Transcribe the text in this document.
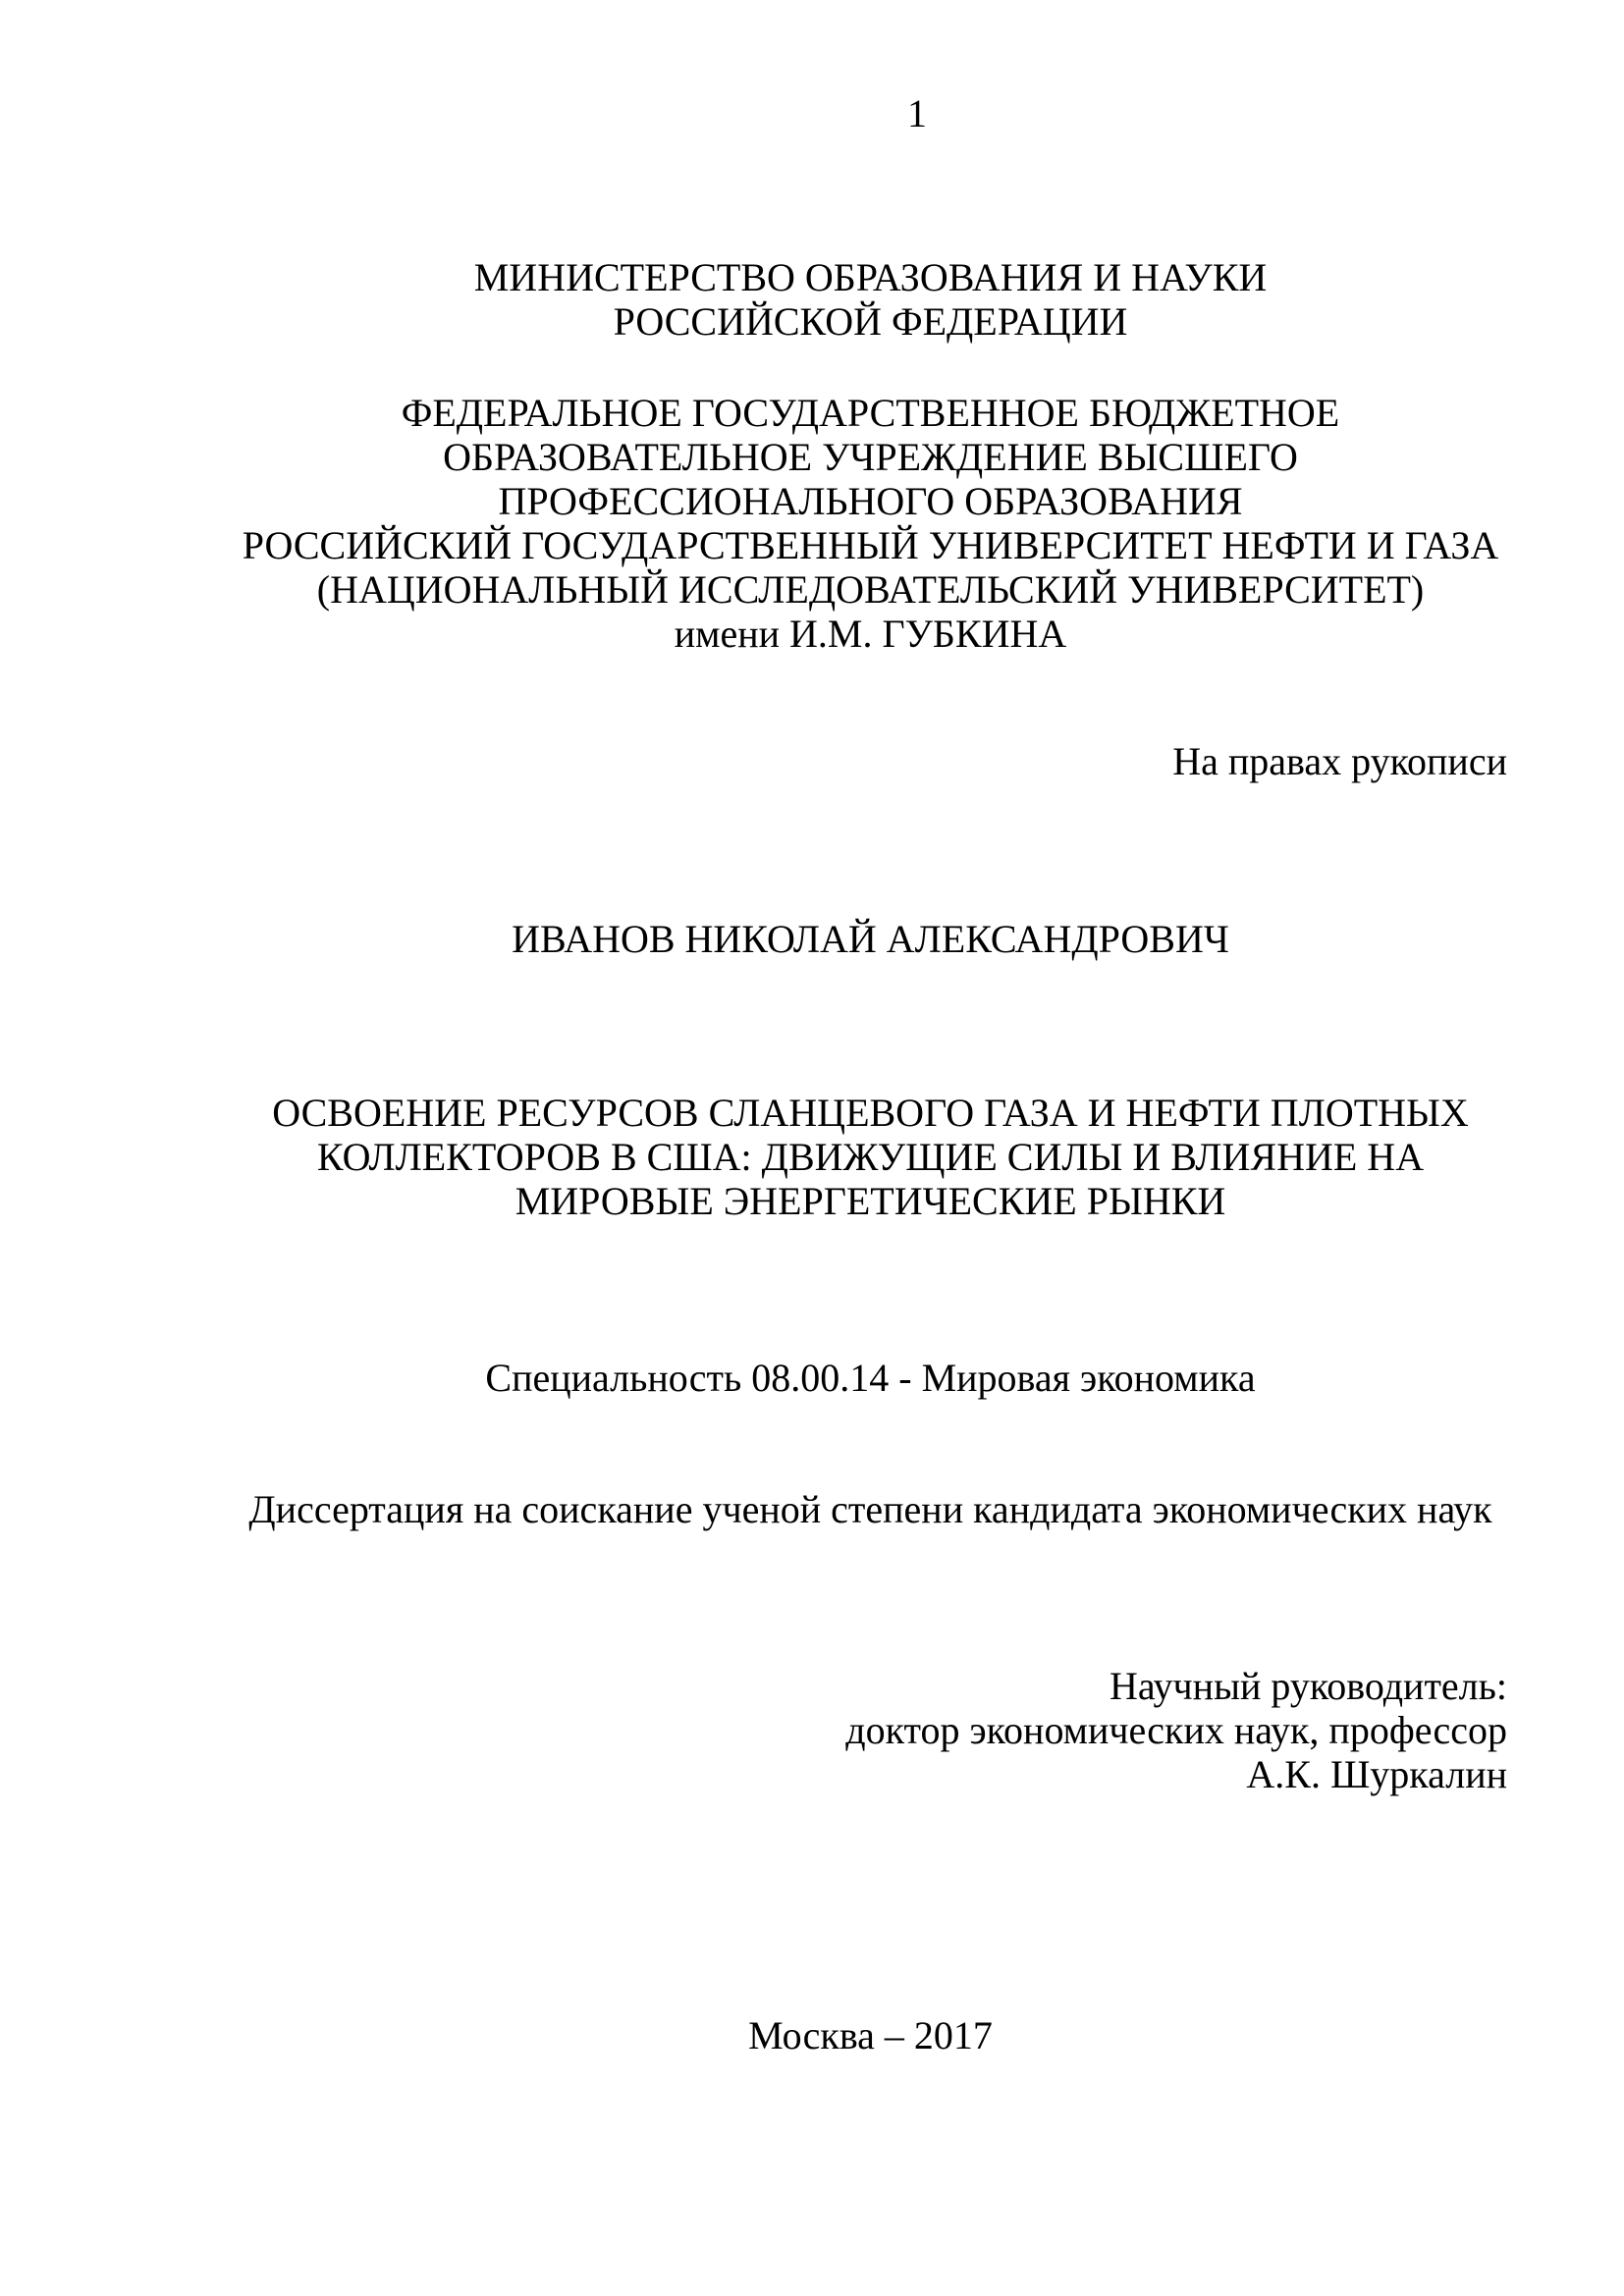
1
МИНИСТЕРСТВО ОБРАЗОВАНИЯ И НАУКИ
РОССИЙСКОЙ ФЕДЕРАЦИИ
ФЕДЕРАЛЬНОЕ ГОСУДАРСТВЕННОЕ БЮДЖЕТНОЕ
ОБРАЗОВАТЕЛЬНОЕ УЧРЕЖДЕНИЕ ВЫСШЕГО
ПРОФЕССИОНАЛЬНОГО ОБРАЗОВАНИЯ
РОССИЙСКИЙ ГОСУДАРСТВЕННЫЙ УНИВЕРСИТЕТ НЕФТИ И ГАЗА
(НАЦИОНАЛЬНЫЙ ИССЛЕДОВАТЕЛЬСКИЙ УНИВЕРСИТЕТ)
имени И.М. ГУБКИНА
На правах рукописи
ИВАНОВ НИКОЛАЙ АЛЕКСАНДРОВИЧ
ОСВОЕНИЕ РЕСУРСОВ СЛАНЦЕВОГО ГАЗА И НЕФТИ ПЛОТНЫХ
КОЛЛЕКТОРОВ В США: ДВИЖУЩИЕ СИЛЫ И ВЛИЯНИЕ НА
МИРОВЫЕ ЭНЕРГЕТИЧЕСКИЕ РЫНКИ
Специальность 08.00.14 - Мировая экономика
Диссертация на соискание ученой степени кандидата экономических наук
Научный руководитель:
доктор экономических наук, профессор
А.К. Шуркалин
Москва – 2017
